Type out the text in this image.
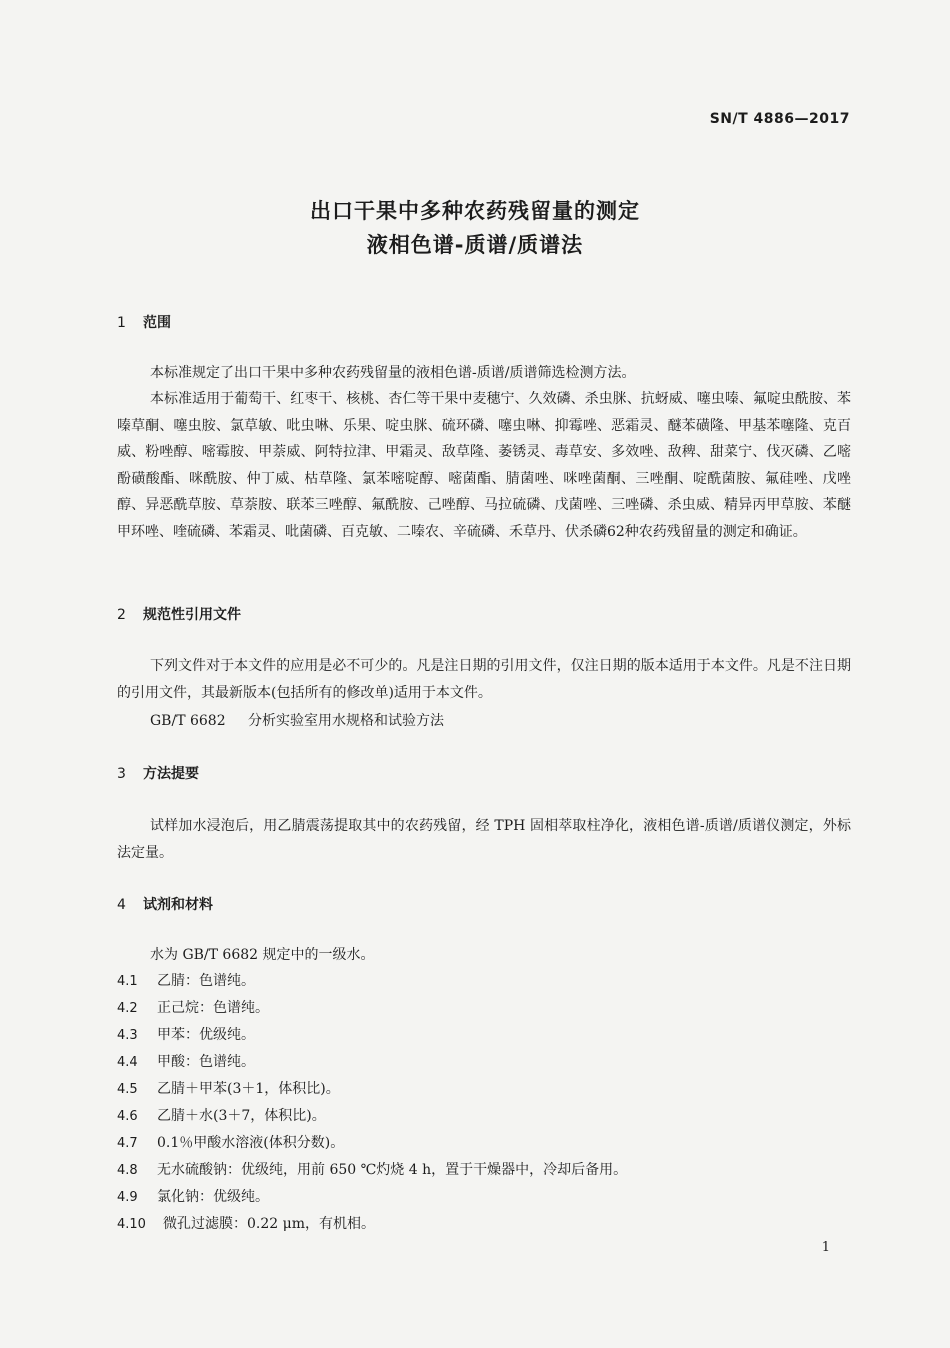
SN/T 4886—2017
出口干果中多种农药残留量的测定
液相色谱-质谱/质谱法
1 范围
本标准规定了出口干果中多种农药残留量的液相色谱-质谱/质谱筛选检测方法。
本标准适用于葡萄干、红枣干、核桃、杏仁等干果中麦穗宁、久效磷、杀虫脒、抗蚜威、噻虫嗪、氟啶虫酰胺、苯嗪草酮、噻虫胺、氯草敏、吡虫啉、乐果、啶虫脒、硫环磷、噻虫啉、抑霉唑、恶霜灵、醚苯磺隆、甲基苯噻隆、克百威、粉唑醇、嘧霉胺、甲萘威、阿特拉津、甲霜灵、敌草隆、萎锈灵、毒草安、多效唑、敌稗、甜菜宁、伐灭磷、乙嘧酚磺酸酯、咪酰胺、仲丁威、枯草隆、氯苯嘧啶醇、嘧菌酯、腈菌唑、咪唑菌酮、三唑酮、啶酰菌胺、氟硅唑、戊唑醇、异恶酰草胺、草萘胺、联苯三唑醇、氟酰胺、己唑醇、马拉硫磷、戊菌唑、三唑磷、杀虫威、精异丙甲草胺、苯醚甲环唑、喹硫磷、苯霜灵、吡菌磷、百克敏、二嗪农、辛硫磷、禾草丹、伏杀磷62种农药残留量的测定和确证。
2 规范性引用文件
下列文件对于本文件的应用是必不可少的。凡是注日期的引用文件，仅注日期的版本适用于本文件。凡是不注日期的引用文件，其最新版本(包括所有的修改单)适用于本文件。
GB/T 6682 分析实验室用水规格和试验方法
3 方法提要
试样加水浸泡后，用乙腈震荡提取其中的农药残留，经 TPH 固相萃取柱净化，液相色谱-质谱/质谱仪测定，外标法定量。
4 试剂和材料
水为 GB/T 6682 规定中的一级水。
4.1 乙腈：色谱纯。
4.2 正己烷：色谱纯。
4.3 甲苯：优级纯。
4.4 甲酸：色谱纯。
4.5 乙腈＋甲苯(3＋1，体积比)。
4.6 乙腈＋水(3＋7，体积比)。
4.7 0.1％甲酸水溶液(体积分数)。
4.8 无水硫酸钠：优级纯，用前 650 ℃灼烧 4 h，置于干燥器中，冷却后备用。
4.9 氯化钠：优级纯。
4.10 微孔过滤膜：0.22 μm，有机相。
1
